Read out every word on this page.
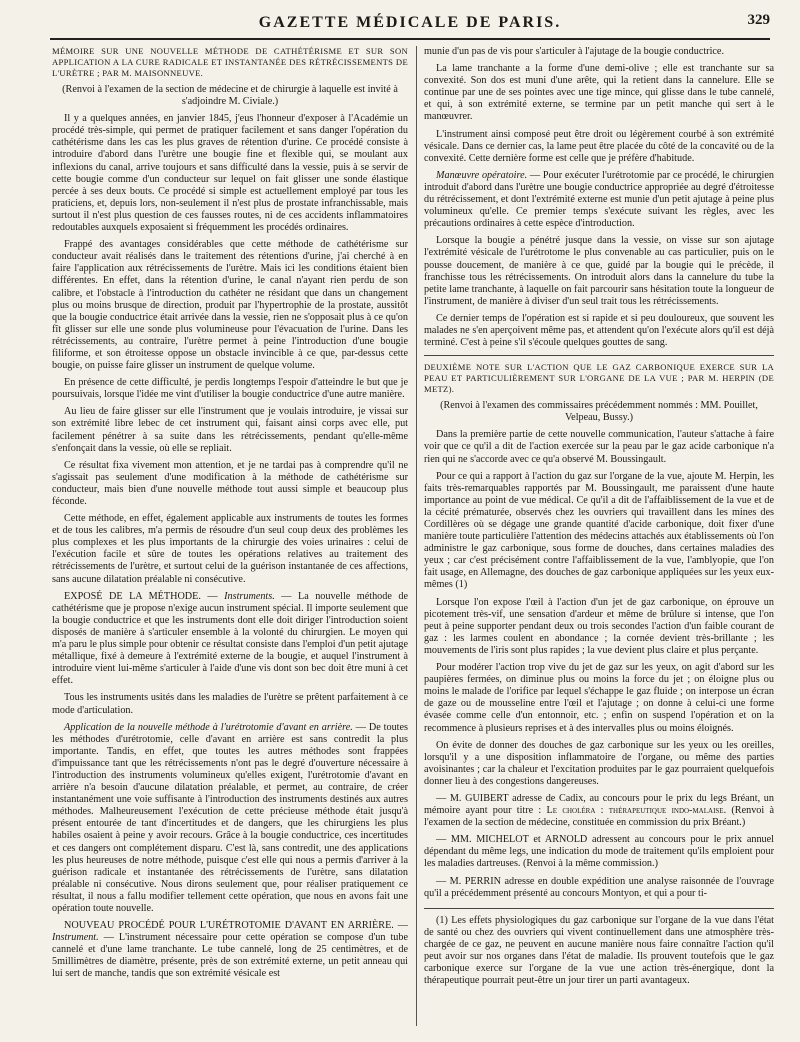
GAZETTE MÉDICALE DE PARIS.	329

MÉMOIRE SUR UNE NOUVELLE MÉTHODE DE CATHÉTÉRISME ET SUR SON APPLICATION A LA CURE RADICALE ET INSTANTANÉE DES RÉTRÉCISSEMENTS DE L'URÈTRE ; PAR M. MAISONNEUVE.

(Renvoi à l'examen de la section de médecine et de chirurgie à laquelle est invité à s'adjoindre M. Civiale.)

Il y a quelques années, en janvier 1845, j'eus l'honneur d'exposer à l'Académie un procédé très-simple, qui permet de pratiquer facilement et sans danger l'opération du cathétérisme dans les cas les plus graves de rétention d'urine. Ce procédé consiste à introduire d'abord dans l'urètre une bougie fine et flexible qui, se moulant aux inflexions du canal, arrive toujours et sans difficulté dans la vessie, puis à se servir de cette bougie comme d'un conducteur sur lequel on fait glisser une sonde élastique percée à ses deux bouts. Ce procédé si simple est actuellement employé par tous les praticiens, et, depuis lors, non-seulement il n'est plus de prostate infranchissable, mais surtout il n'est plus question de ces fausses routes, ni de ces accidents inflammatoires redoutables auxquels exposaient si fréquemment les procédés ordinaires.

Frappé des avantages considérables que cette méthode de cathétérisme sur conducteur avait réalisés dans le traitement des rétentions d'urine, j'ai cherché à en faire l'application aux rétrécissements de l'urètre. Mais ici les conditions étaient bien différentes. En effet, dans la rétention d'urine, le canal n'ayant rien perdu de son calibre, et l'obstacle à l'introduction du cathéter ne résidant que dans un changement plus ou moins brusque de direction, produit par l'hypertrophie de la prostate, aussitôt que la bougie conductrice était arrivée dans la vessie, rien ne s'opposait plus à ce qu'on fît glisser sur elle une sonde plus volumineuse pour l'évacuation de l'urine. Dans les rétrécissements, au contraire, l'urètre permet à peine l'introduction d'une bougie filiforme, et son étroitesse oppose un obstacle invincible à ce que, par-dessus cette bougie, on puisse faire glisser un instrument de quelque volume.

En présence de cette difficulté, je perdis longtemps l'espoir d'atteindre le but que je poursuivais, lorsque l'idée me vint d'utiliser la bougie conductrice d'une autre manière.

Au lieu de faire glisser sur elle l'instrument que je voulais introduire, je vissai sur son extrémité libre lebec de cet instrument qui, faisant ainsi corps avec elle, put facilement pénétrer à sa suite dans les rétrécissements, pendant qu'elle-même s'enfonçait dans la vessie, où elle se repliait.

Ce résultat fixa vivement mon attention, et je ne tardai pas à comprendre qu'il ne s'agissait pas seulement d'une modification à la méthode de cathétérisme sur conducteur, mais bien d'une nouvelle méthode tout aussi simple et beaucoup plus féconde.

Cette méthode, en effet, également applicable aux instruments de toutes les formes et de tous les calibres, m'a permis de résoudre d'un seul coup deux des problèmes les plus complexes et les plus importants de la chirurgie des voies urinaires : celui de l'exécution facile et sûre de toutes les opérations relatives au traitement des rétrécissements de l'urètre, et surtout celui de la guérison instantanée de ces affections, sans aucune dilatation préalable ni consécutive.

EXPOSÉ DE LA MÉTHODE. — Instruments. — La nouvelle méthode de cathétérisme que je propose n'exige aucun instrument spécial. Il importe seulement que la bougie conductrice et que les instruments dont elle doit diriger l'introduction soient disposés de manière à s'articuler ensemble à la volonté du chirurgien. Le moyen qui m'a paru le plus simple pour obtenir ce résultat consiste dans l'emploi d'un petit ajutage métallique, fixé à demeure à l'extrémité externe de la bougie, et auquel l'instrument à introduire vient lui-même s'articuler à l'aide d'une vis dont son bec doit être muni à cet effet.

Tous les instruments usités dans les maladies de l'urètre se prêtent parfaitement à ce mode d'articulation.

Application de la nouvelle méthode à l'urétrotomie d'avant en arrière. — De toutes les méthodes d'urétrotomie, celle d'avant en arrière est sans contredit la plus importante. Tandis, en effet, que toutes les autres méthodes sont frappées d'impuissance tant que les rétrécissements n'ont pas le degré d'ouverture nécessaire à l'introduction des instruments volumineux qu'elles exigent, l'urétrotomie d'avant en arrière n'a besoin d'aucune dilatation préalable, et permet, au contraire, de créer instantanément une voie suffisante à l'introduction des instruments destinés aux autres méthodes. Malheureusement l'exécution de cette précieuse méthode était jusqu'à présent entourée de tant d'incertitudes et de dangers, que les chirurgiens les plus habiles osaient à peine y avoir recours. Grâce à la bougie conductrice, ces incertitudes et ces dangers ont complétement disparu. C'est là, sans contredit, une des applications les plus heureuses de notre méthode, puisque c'est elle qui nous a permis d'arriver à la guérison radicale et instantanée des rétrécissements de l'urètre, sans dilatation préalable ni consécutive. Nous dirons seulement que, pour réaliser pratiquement ce résultat, il nous a fallu modifier tellement cette opération, que nous en avons fait une opération toute nouvelle.

NOUVEAU PROCÉDÉ POUR L'URÉTROTOMIE D'AVANT EN ARRIÈRE. — Instrument. — L'instrument nécessaire pour cette opération se compose d'un tube cannelé et d'une lame tranchante. Le tube cannelé, long de 25 centimètres, et de 5millimètres de diamètre, présente, près de son extrémité externe, un petit anneau qui lui sert de manche, tandis que son extrémité vésicale est

munie d'un pas de vis pour s'articuler à l'ajutage de la bougie conductrice.

La lame tranchante a la forme d'une demi-olive ; elle est tranchante sur sa convexité. Son dos est muni d'une arête, qui la retient dans la cannelure. Elle se continue par une de ses pointes avec une tige mince, qui glisse dans le tube cannelé, et qui, à son extrémité externe, se termine par un petit manche qui sert à le manœuvrer.

L'instrument ainsi composé peut être droit ou légèrement courbé à son extrémité vésicale. Dans ce dernier cas, la lame peut être placée du côté de la concavité ou de la convexité. Cette dernière forme est celle que je préfère d'habitude.

Manœuvre opératoire. — Pour exécuter l'urétrotomie par ce procédé, le chirurgien introduit d'abord dans l'urètre une bougie conductrice appropriée au degré d'étroitesse du rétrécissement, et dont l'extrémité externe est munie d'un petit ajutage à peine plus volumineux qu'elle. Ce premier temps s'exécute suivant les règles, avec les précautions ordinaires à cette espèce d'introduction.

Lorsque la bougie a pénétré jusque dans la vessie, on visse sur son ajutage l'extrémité vésicale de l'urétrotome le plus convenable au cas particulier, puis on le pousse doucement, de manière à ce que, guidé par la bougie qui le précède, il franchisse tous les rétrécissements. On introduit alors dans la cannelure du tube la petite lame tranchante, à laquelle on fait parcourir sans hésitation toute la longueur de l'instrument, de manière à diviser d'un seul trait tous les rétrécissements.

Ce dernier temps de l'opération est si rapide et si peu douloureux, que souvent les malades ne s'en aperçoivent même pas, et attendent qu'on l'exécute alors qu'il est déjà terminé. C'est à peine s'il s'écoule quelques gouttes de sang.

DEUXIÈME NOTE SUR L'ACTION QUE LE GAZ CARBONIQUE EXERCE SUR LA PEAU ET PARTICULIÈREMENT SUR L'ORGANE DE LA VUE ; PAR M. HERPIN (DE METZ).

(Renvoi à l'examen des commissaires précédemment nommés : MM. Pouillet, Velpeau, Bussy.)

Dans la première partie de cette nouvelle communication, l'auteur s'attache à faire voir que ce qu'il a dit de l'action exercée sur la peau par le gaz acide carbonique n'a rien qui ne s'accorde avec ce qu'a observé M. Boussingault.

Pour ce qui a rapport à l'action du gaz sur l'organe de la vue, ajoute M. Herpin, les faits très-remarquables rapportés par M. Boussingault, me paraissent d'une haute importance au point de vue médical. Ce qu'il a dit de l'affaiblissement de la vue et de la cécité prématurée, observés chez les ouvriers qui travaillent dans les mines des Cordillères où se dégage une grande quantité d'acide carbonique, doit fixer d'une manière toute particulière l'attention des médecins attachés aux établissements où l'on administre le gaz carbonique, sous forme de douches, dans certaines maladies des yeux ; car c'est précisément contre l'affaiblissement de la vue, l'amblyopie, que l'on fait usage, en Allemagne, des douches de gaz carbonique appliquées sur les yeux eux-mêmes (1)

Lorsque l'on expose l'œil à l'action d'un jet de gaz carbonique, on éprouve un picotement très-vif, une sensation d'ardeur et même de brûlure si intense, que l'on peut à peine supporter pendant deux ou trois secondes l'action d'un faible courant de gaz : les larmes coulent en abondance ; la cornée devient très-brillante ; les mouvements de l'iris sont plus rapides ; la vue devient plus claire et plus perçante.

Pour modérer l'action trop vive du jet de gaz sur les yeux, on agit d'abord sur les paupières fermées, on diminue plus ou moins la force du jet ; on éloigne plus ou moins le malade de l'orifice par lequel s'échappe le gaz fluide ; on interpose un écran de gaze ou de mousseline entre l'œil et l'ajutage ; on donne à celui-ci une forme évasée comme celle d'un entonnoir, etc. ; enfin on suspend l'opération et on la recommence à plusieurs reprises et à des intervalles plus ou moins éloignés.

On évite de donner des douches de gaz carbonique sur les yeux ou les oreilles, lorsqu'il y a une disposition inflammatoire de l'organe, ou même des parties avoisinantes ; car la chaleur et l'excitation produites par le gaz pourraient quelquefois donner lieu à des congestions dangereuses.

— M. GUIBERT adresse de Cadix, au concours pour le prix du legs Bréant, un mémoire ayant pour titre : Le choléra : thérapeutique indo-malaise. (Renvoi à l'examen de la section de médecine, constituée en commission du prix Bréant.)

— MM. MICHELOT et ARNOLD adressent au concours pour le prix annuel dépendant du même legs, une indication du mode de traitement qu'ils emploient pour les maladies dartreuses. (Renvoi à la même commission.)

— M. PERRIN adresse en double expédition une analyse raisonnée de l'ouvrage qu'il a précédemment présenté au concours Montyon, et qui a pour ti-

(1) Les effets physiologiques du gaz carbonique sur l'organe de la vue dans l'état de santé ou chez des ouvriers qui vivent continuellement dans une atmosphère très-chargée de ce gaz, ne peuvent en aucune manière nous faire connaître l'action qu'il peut avoir sur nos organes dans l'état de maladie. Ils prouvent toutefois que le gaz carbonique exerce sur l'organe de la vue une action très-énergique, dont la thérapeutique pourrait peut-être un jour tirer un parti avantageux.
